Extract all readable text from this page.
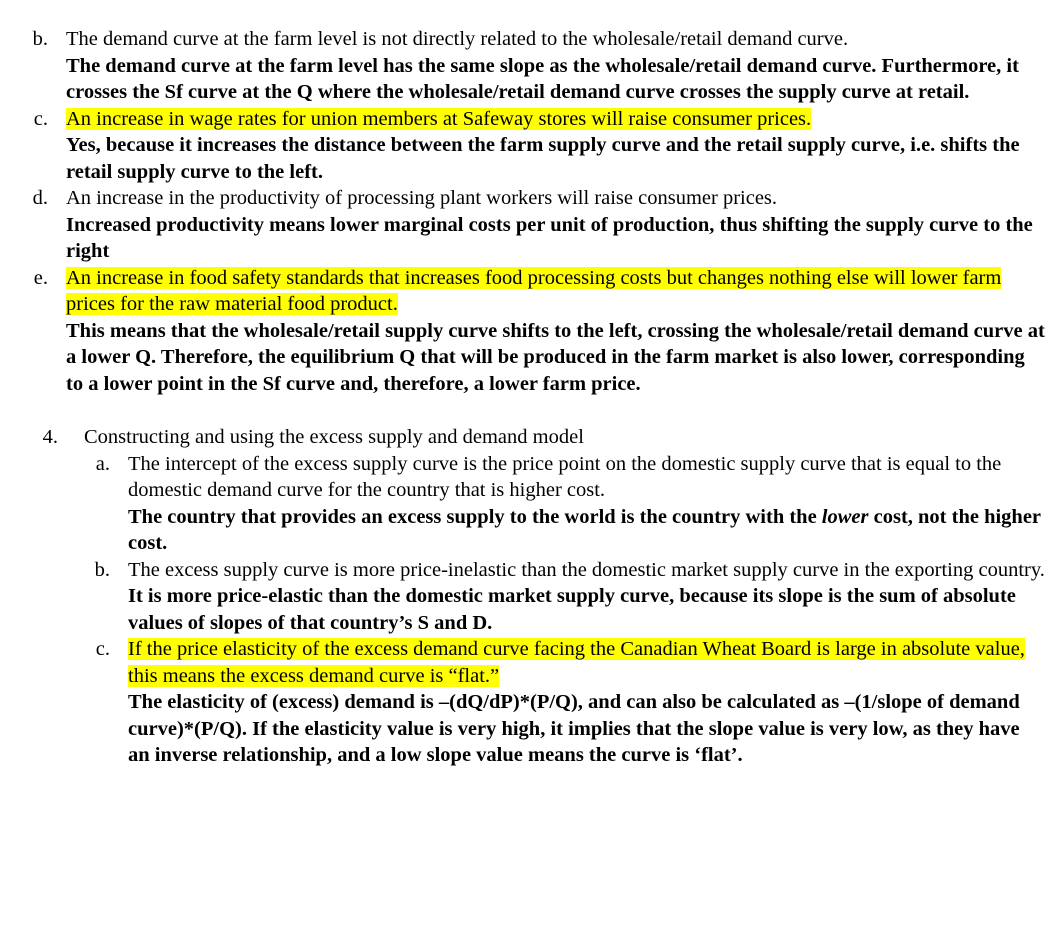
b. The demand curve at the farm level is not directly related to the wholesale/retail demand curve.
The demand curve at the farm level has the same slope as the wholesale/retail demand curve. Furthermore, it crosses the Sf curve at the Q where the wholesale/retail demand curve crosses the supply curve at retail.
c. An increase in wage rates for union members at Safeway stores will raise consumer prices.
Yes, because it increases the distance between the farm supply curve and the retail supply curve, i.e. shifts the retail supply curve to the left.
d. An increase in the productivity of processing plant workers will raise consumer prices.
Increased productivity means lower marginal costs per unit of production, thus shifting the supply curve to the right
e. An increase in food safety standards that increases food processing costs but changes nothing else will lower farm prices for the raw material food product.
This means that the wholesale/retail supply curve shifts to the left, crossing the wholesale/retail demand curve at a lower Q. Therefore, the equilibrium Q that will be produced in the farm market is also lower, corresponding to a lower point in the Sf curve and, therefore, a lower farm price.
4. Constructing and using the excess supply and demand model
a. The intercept of the excess supply curve is the price point on the domestic supply curve that is equal to the domestic demand curve for the country that is higher cost.
The country that provides an excess supply to the world is the country with the lower cost, not the higher cost.
b. The excess supply curve is more price-inelastic than the domestic market supply curve in the exporting country.
It is more price-elastic than the domestic market supply curve, because its slope is the sum of absolute values of slopes of that country’s S and D.
c. If the price elasticity of the excess demand curve facing the Canadian Wheat Board is large in absolute value, this means the excess demand curve is “flat.”
The elasticity of (excess) demand is –(dQ/dP)*(P/Q), and can also be calculated as –(1/slope of demand curve)*(P/Q). If the elasticity value is very high, it implies that the slope value is very low, as they have an inverse relationship, and a low slope value means the curve is ‘flat’.
